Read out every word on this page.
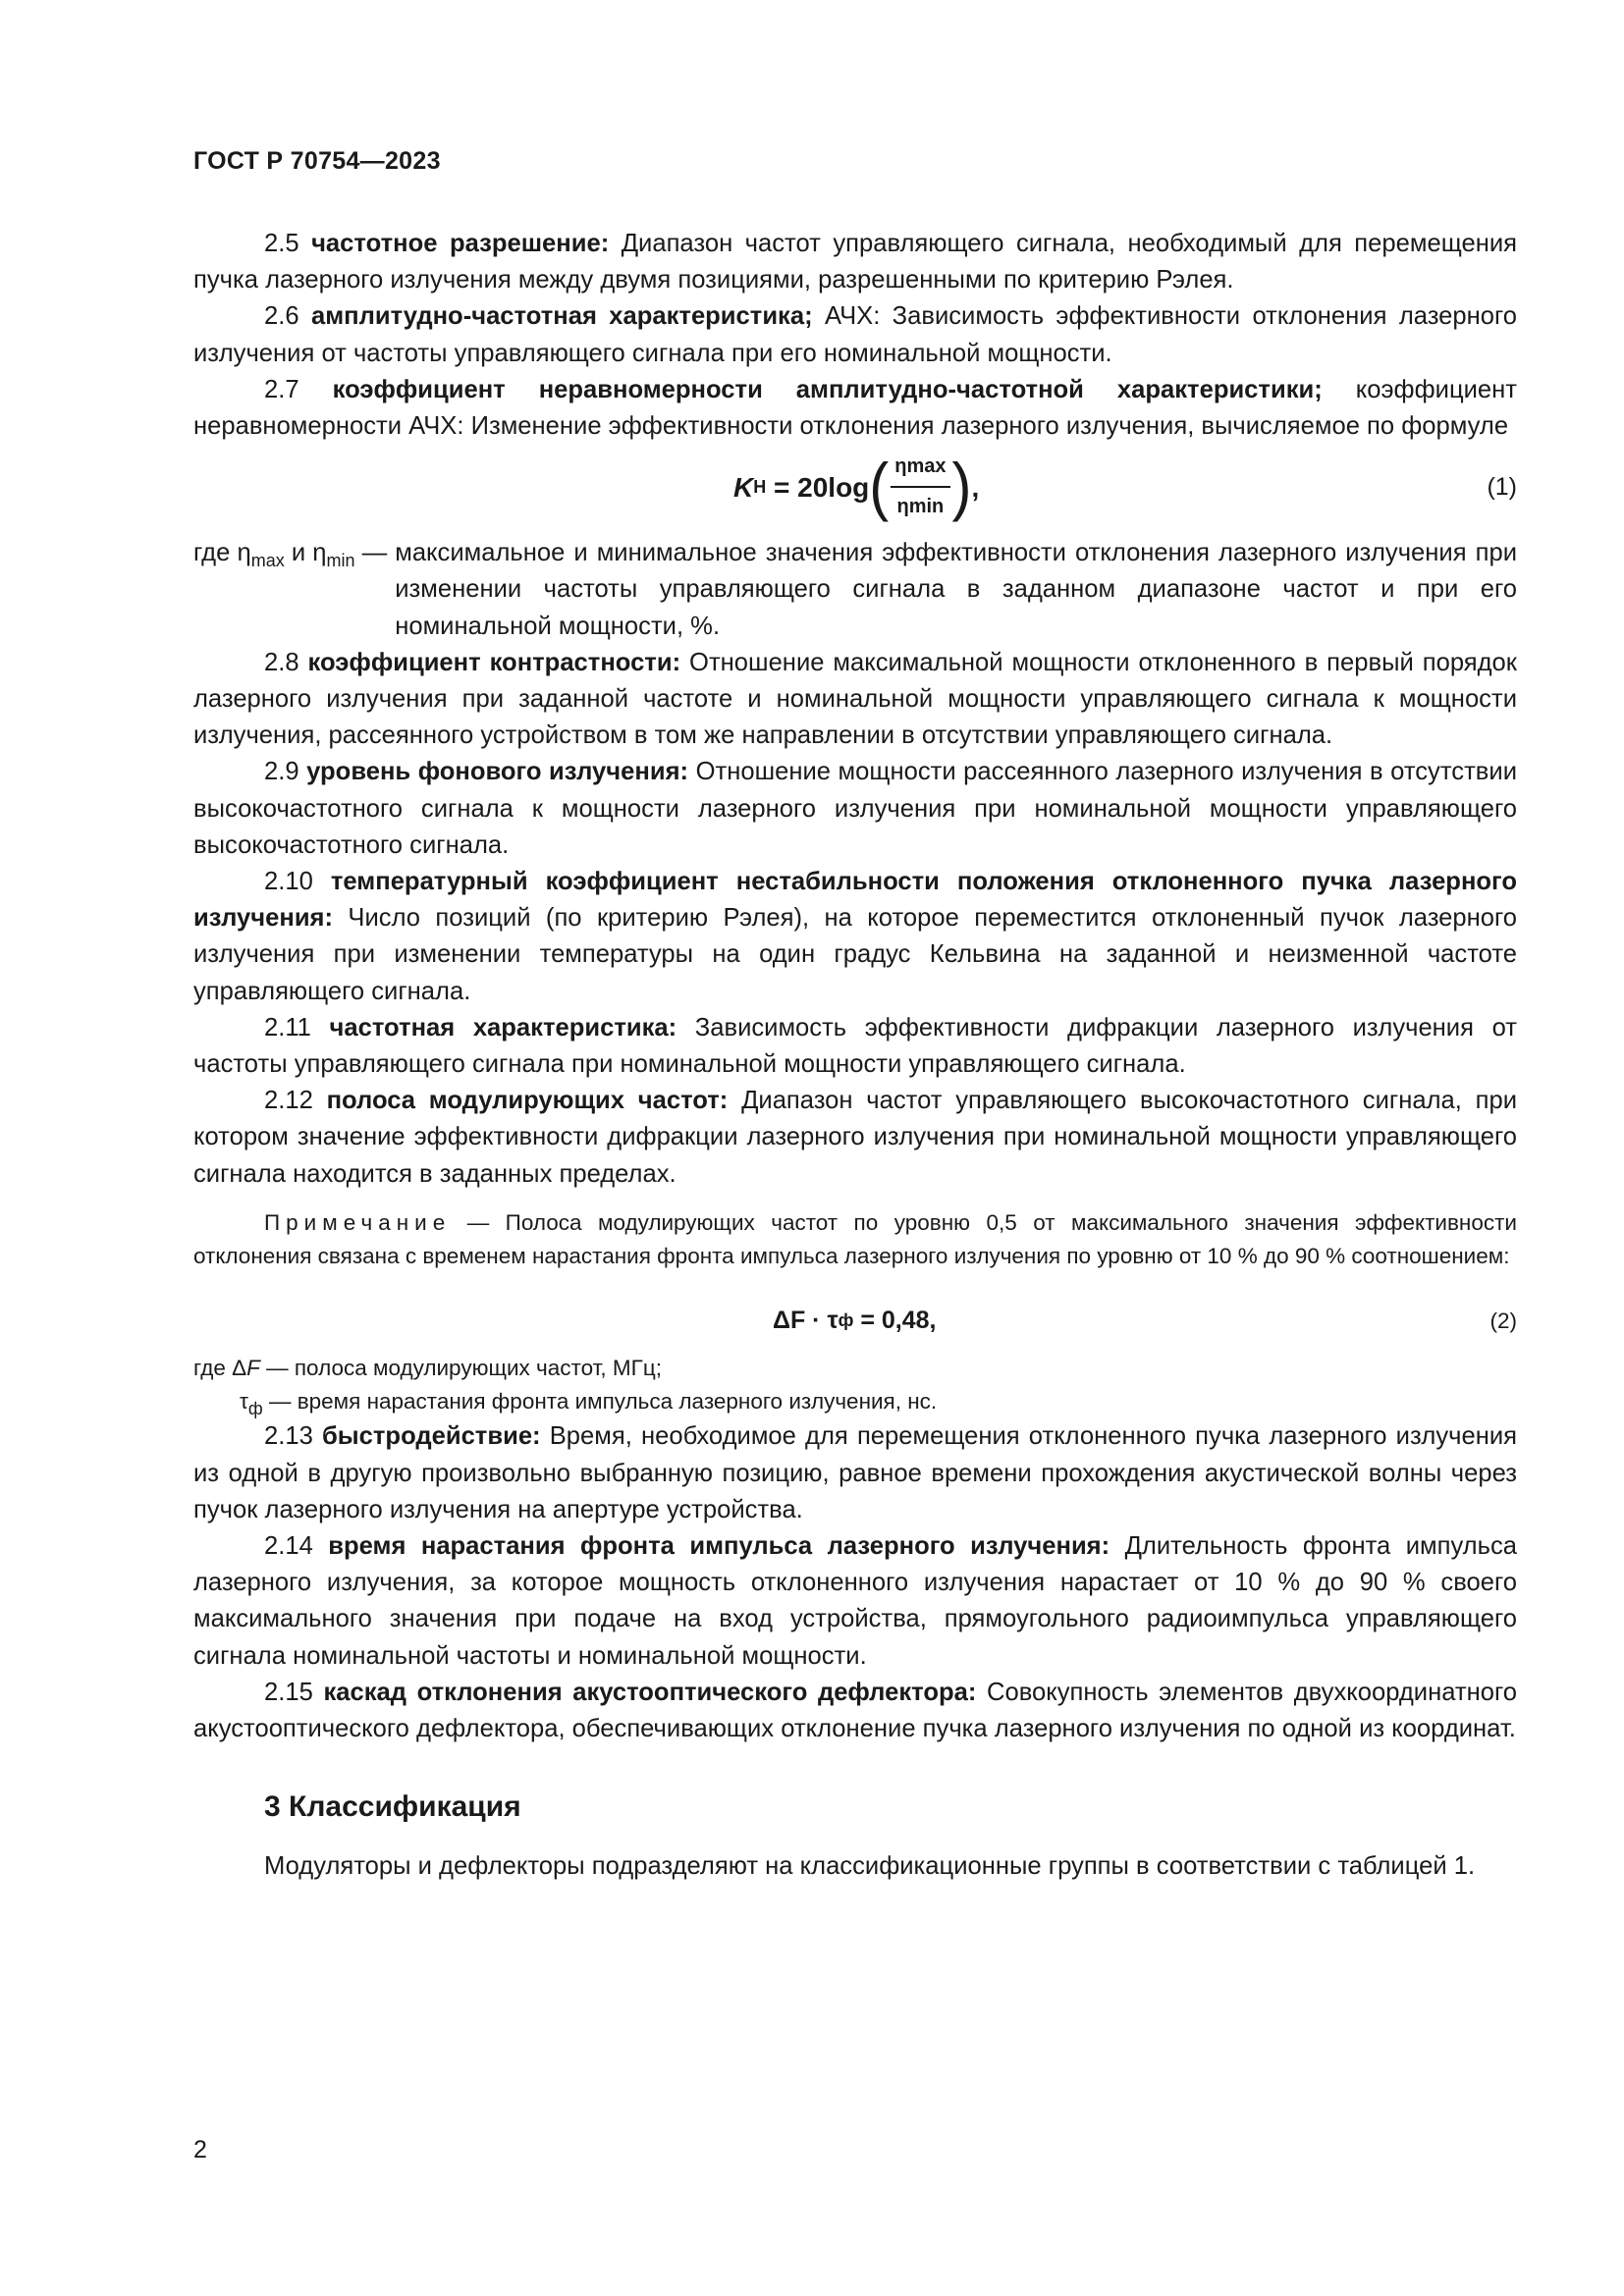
ГОСТ Р 70754—2023

2.5 частотное разрешение: Диапазон частот управляющего сигнала, необходимый для перемещения пучка лазерного излучения между двумя позициями, разрешенными по критерию Рэлея.

2.6 амплитудно-частотная характеристика; АЧХ: Зависимость эффективности отклонения лазерного излучения от частоты управляющего сигнала при его номинальной мощности.

2.7 коэффициент неравномерности амплитудно-частотной характеристики; коэффициент неравномерности АЧХ: Изменение эффективности отклонения лазерного излучения, вычисляемое по формуле

K Н = 20log ( $\frac{\eta\max}{\eta\min}$ ) ,	(1)
где $\eta_{max}$ и $\eta_{min}$ — максимальное и минимальное значения эффективности отклонения лазерного излучения при изменении частоты управляющего сигнала в заданном диапазоне частот и при его номинальной мощности, %.

2.8 коэффициент контрастности: Отношение максимальной мощности отклоненного в первый порядок лазерного излучения при заданной частоте и номинальной мощности управляющего сигнала к мощности излучения, рассеянного устройством в том же направлении в отсутствии управляющего сигнала.

2.9 уровень фонового излучения: Отношение мощности рассеянного лазерного излучения в отсутствии высокочастотного сигнала к мощности лазерного излучения при номинальной мощности управляющего высокочастотного сигнала.

2.10 температурный коэффициент нестабильности положения отклоненного пучка лазерного излучения: Число позиций (по критерию Рэлея), на которое переместится отклоненный пучок лазерного излучения при изменении температуры на один градус Кельвина на заданной и неизменной частоте управляющего сигнала.

2.11 частотная характеристика: Зависимость эффективности дифракции лазерного излучения от частоты управляющего сигнала при номинальной мощности управляющего сигнала.

2.12 полоса модулирующих частот: Диапазон частот управляющего высокочастотного сигнала, при котором значение эффективности дифракции лазерного излучения при номинальной мощности управляющего сигнала находится в заданных пределах.

Примечание — Полоса модулирующих частот по уровню 0,5 от максимального значения эффективности отклонения связана с временем нарастания фронта импульса лазерного излучения по уровню от 10 % до 90 % соотношением:

ΔF · τ ф = 0,48,	(2)
где ΔF — полоса модулирующих частот, МГц;
$\tau_ф$ — время нарастания фронта импульса лазерного излучения, нс.

2.13 быстродействие: Время, необходимое для перемещения отклоненного пучка лазерного излучения из одной в другую произвольно выбранную позицию, равное времени прохождения акустической волны через пучок лазерного излучения на апертуре устройства.

2.14 время нарастания фронта импульса лазерного излучения: Длительность фронта импульса лазерного излучения, за которое мощность отклоненного излучения нарастает от 10 % до 90 % своего максимального значения при подаче на вход устройства, прямоугольного радиоимпульса управляющего сигнала номинальной частоты и номинальной мощности.

2.15 каскад отклонения акустооптического дефлектора: Совокупность элементов двухкоординатного акустооптического дефлектора, обеспечивающих отклонение пучка лазерного излучения по одной из координат.

3 Классификация

Модуляторы и дефлекторы подразделяют на классификационные группы в соответствии с таблицей 1.

2
